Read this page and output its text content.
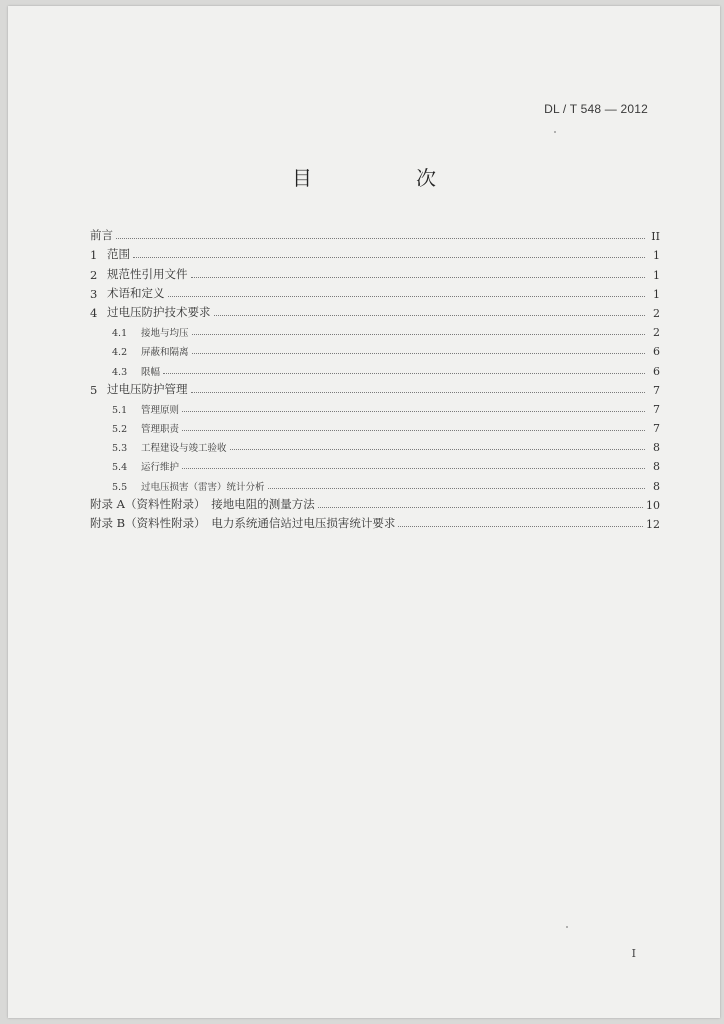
DL / T 548 — 2012
目　次
前言	II
1 范围	1
2 规范性引用文件	1
3 术语和定义	1
4 过电压防护技术要求	2
4.1	接地与均压	2
4.2	屏蔽和隔离	6
4.3	限幅	6
5 过电压防护管理	7
5.1	管理原则	7
5.2	管理职责	7
5.3	工程建设与竣工验收	8
5.4	运行维护	8
5.5	过电压损害（雷害）统计分析	8
附录 A（资料性附录）　接地电阻的测量方法	10
附录 B（资料性附录）　电力系统通信站过电压损害统计要求	12
I
